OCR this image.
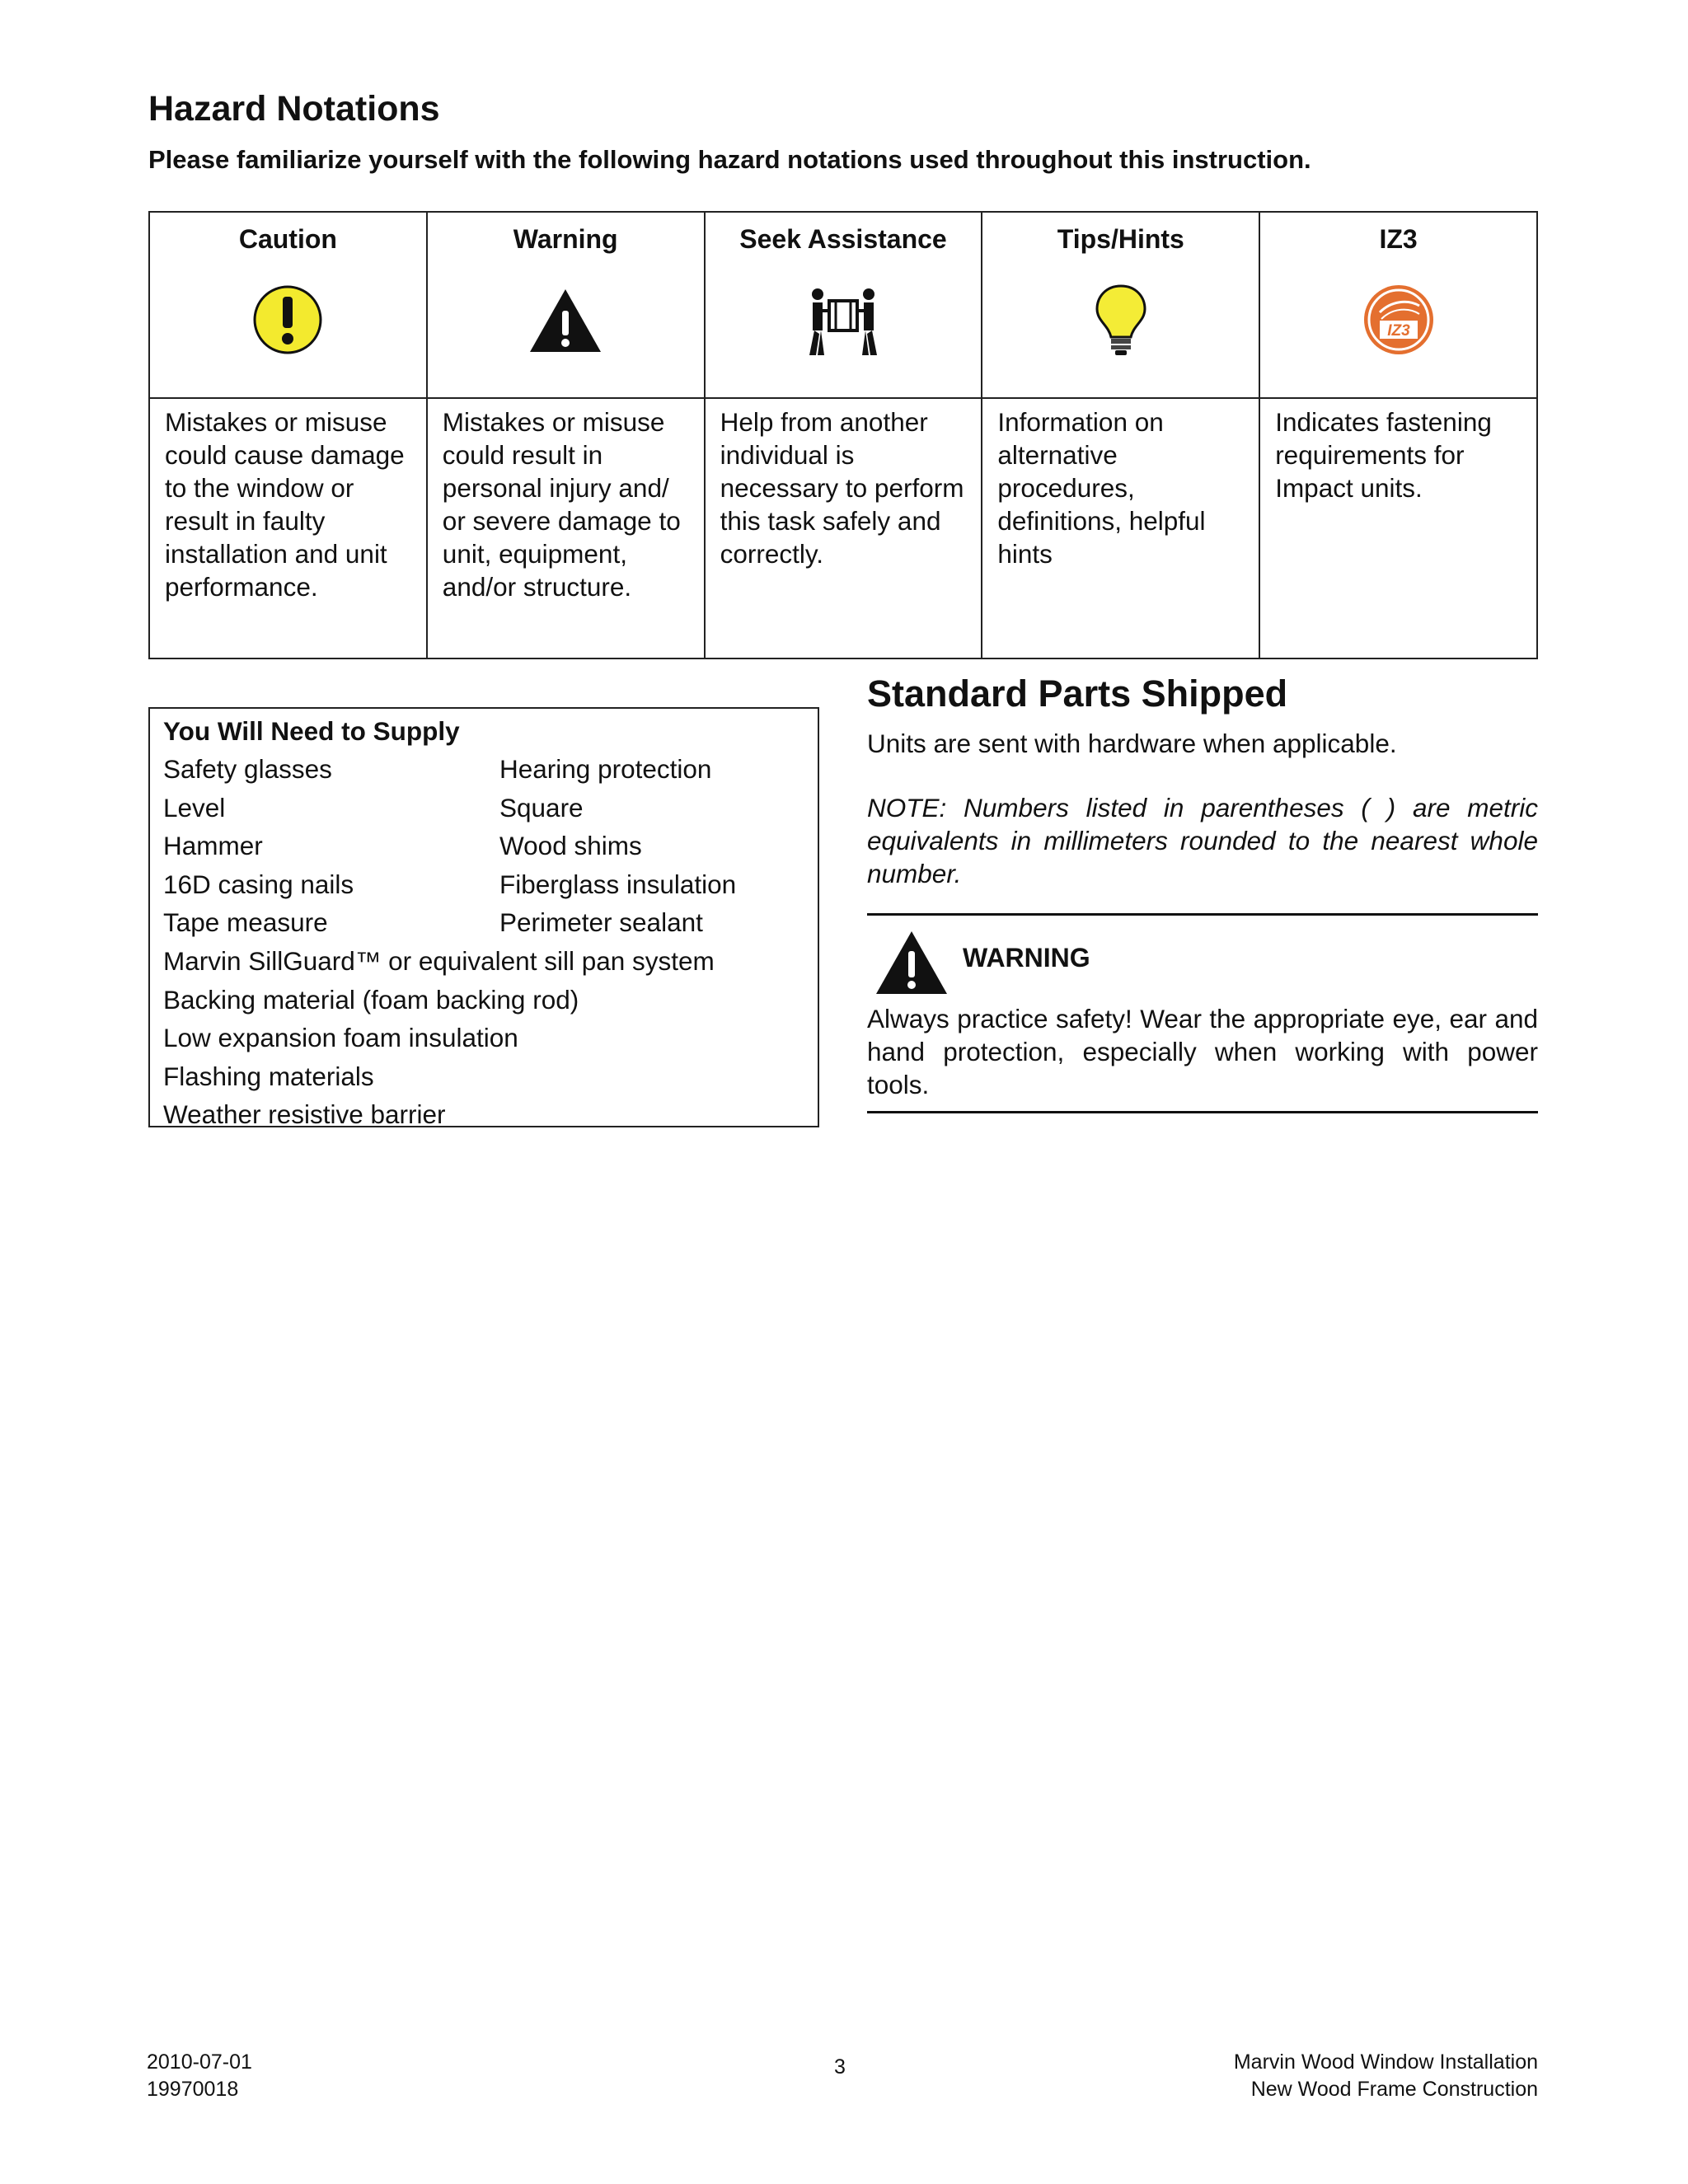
Hazard Notations
Please familiarize yourself with the following hazard notations used throughout this instruction.
Caution	Warning	Seek Assistance	Tips/Hints	IZ3
IZ3

Mistakes or misuse could cause damage to the window or result in faulty installation and unit performance.	Mistakes or misuse could result in personal injury and/ or severe damage to unit, equipment, and/or structure.	Help from another individual is necessary to perform this task safely and correctly.	Information on alternative procedures, definitions, helpful hints	Indicates fastening requirements for Impact units.
You Will Need to Supply
Safety glasses	Hearing protection
Level	Square
Hammer	Wood shims
16D casing nails	Fiberglass insulation
Tape measure	Perimeter sealant
Marvin SillGuard™ or equivalent sill pan system
Backing material (foam backing rod)
Low expansion foam insulation
Flashing materials
Weather resistive barrier
Standard Parts Shipped
Units are sent with hardware when applicable.
NOTE: Numbers listed in parentheses ( ) are metric equivalents in millimeters rounded to the nearest whole number.
WARNING
Always practice safety! Wear the appropriate eye, ear and hand protection, especially when working with power tools.
2010-07-01
19970018
3	Marvin Wood Window Installation
New Wood Frame Construction
